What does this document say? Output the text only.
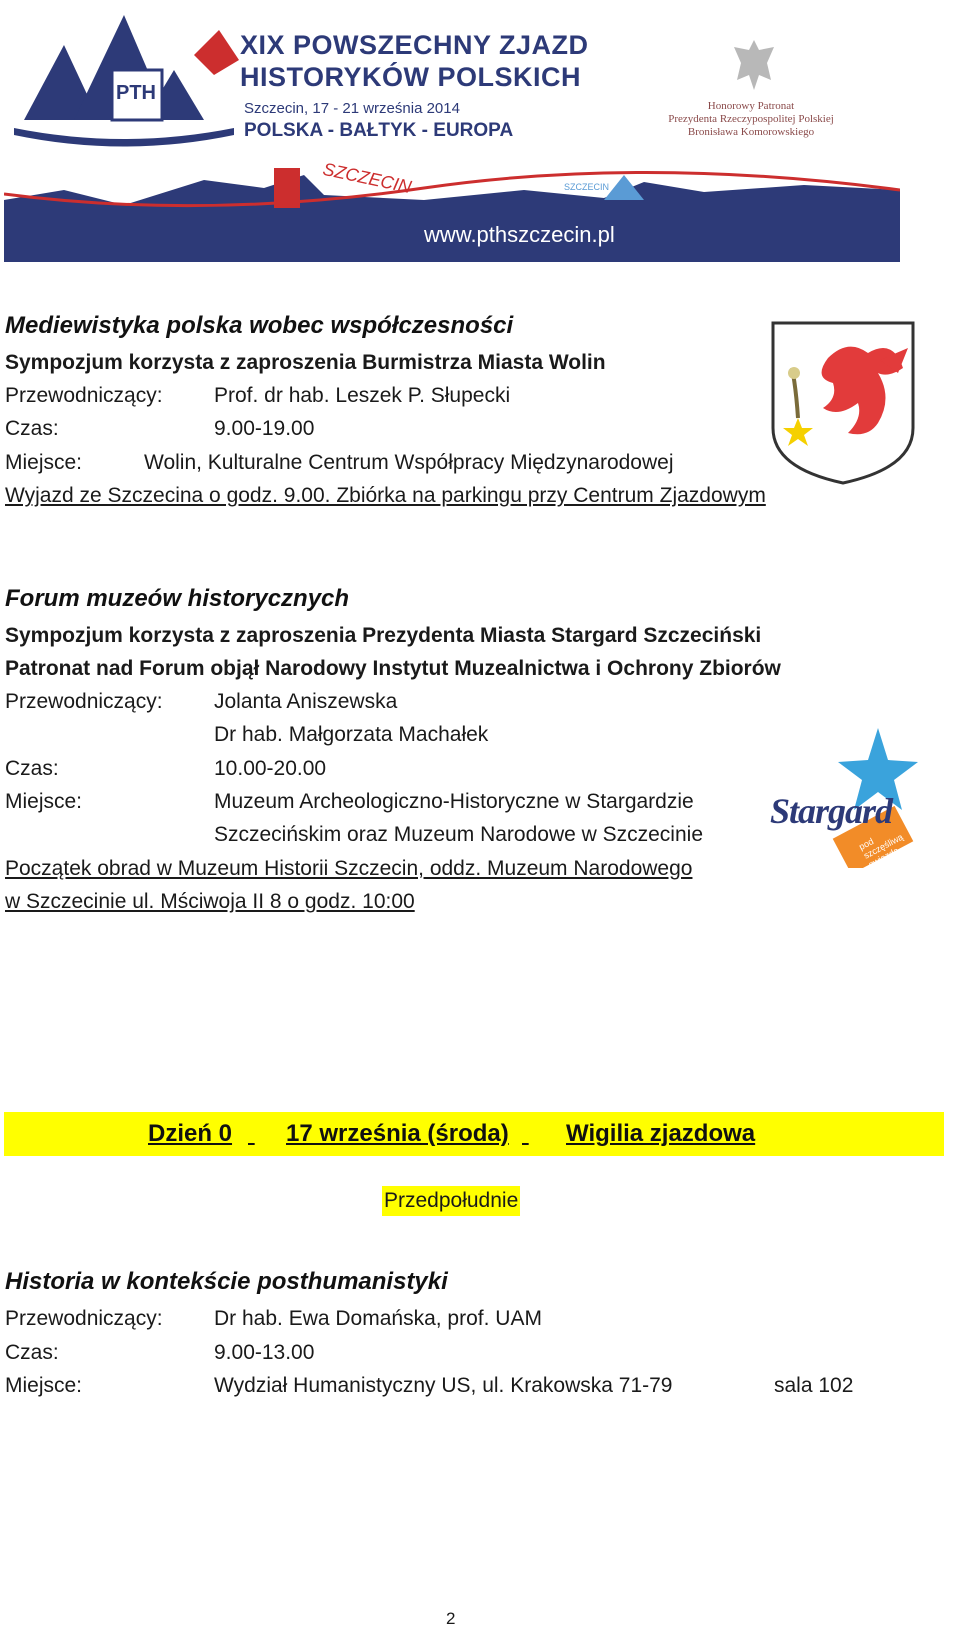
PTH
XIX POWSZECHNY ZJAZD
HISTORYKÓW POLSKICH
Szczecin, 17 - 21 września 2014
POLSKA - BAŁTYK - EUROPA
Honorowy Patronat
Prezydenta Rzeczypospolitej Polskiej
Bronisława Komorowskiego
SZCZECIN	SZCZECIN
www.pthszczecin.pl
Mediewistyka polska wobec współczesności
Sympozjum korzysta z zaproszenia Burmistrza Miasta Wolin
Przewodniczący: Prof. dr hab. Leszek P. Słupecki
Czas:	9.00-19.00
Miejsce:	Wolin, Kulturalne Centrum Współpracy Międzynarodowej
Wyjazd ze Szczecina o godz. 9.00. Zbiórka na parkingu przy Centrum Zjazdowym
Forum muzeów historycznych
Sympozjum korzysta z zaproszenia Prezydenta Miasta Stargard Szczeciński
Patronat nad Forum objął Narodowy Instytut Muzealnictwa i Ochrony Zbiorów
Przewodniczący: Jolanta Aniszewska
Dr hab. Małgorzata Machałek
Czas:	10.00-20.00
Miejsce:	Muzeum Archeologiczno-Historyczne w Stargardzie
Szczecińskim oraz Muzeum Narodowe w Szczecinie
Początek obrad w Muzeum Historii Szczecin, oddz. Muzeum Narodowego
w Szczecinie ul. Mściwoja II 8 o godz. 10:00
Stargard
pod szczęśliwą gwiazdą
Dzień 0
17 września (środa)
Wigilia zjazdowa
Przedpołudnie
Historia w kontekście posthumanistyki
Przewodniczący: Dr hab. Ewa Domańska, prof. UAM
Czas:	9.00-13.00
Miejsce:	Wydział Humanistyczny US, ul. Krakowska 71-79	sala 102
2
